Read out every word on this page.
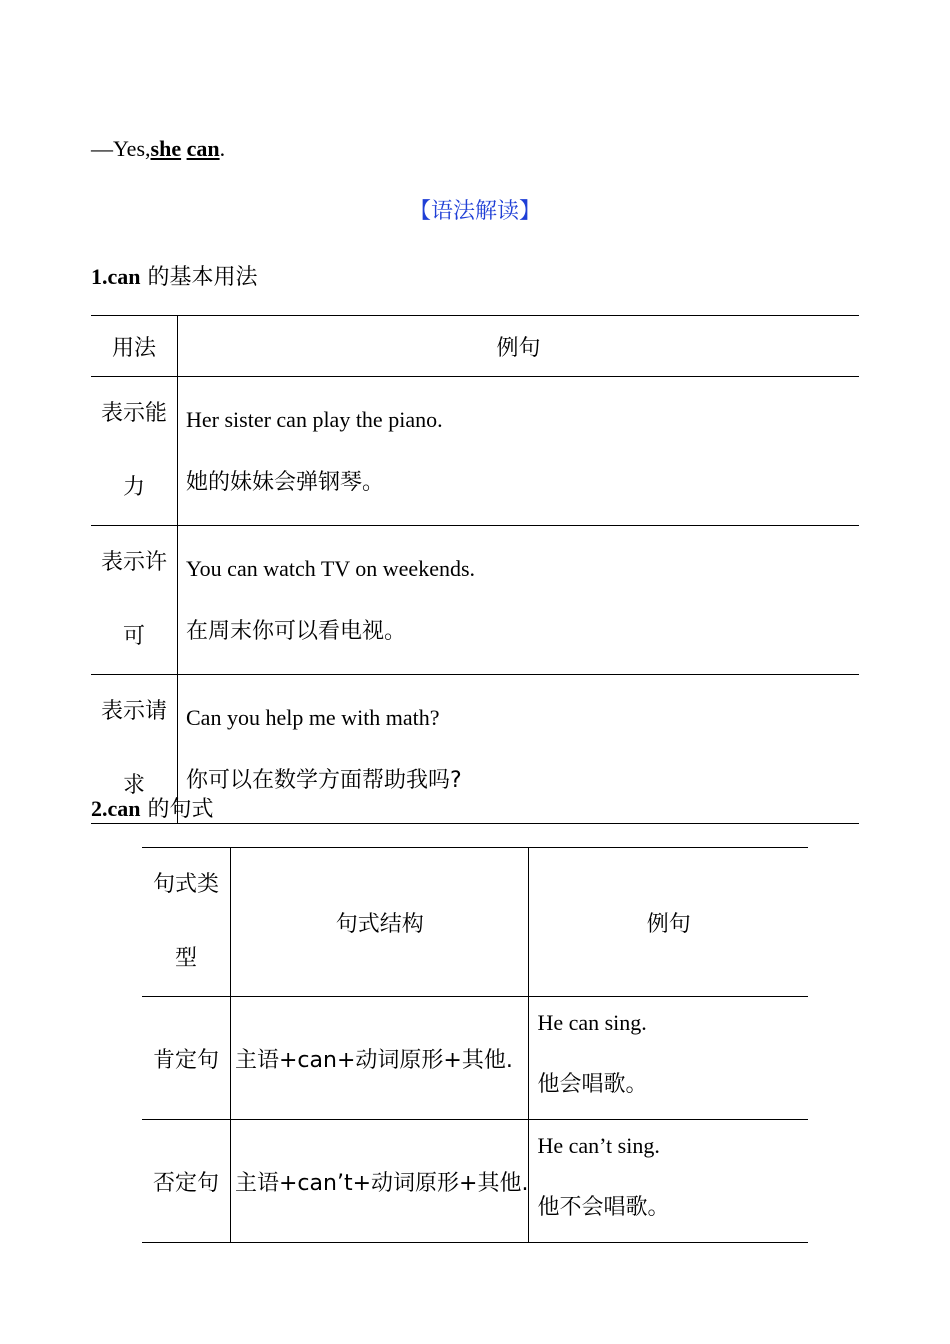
—Yes,she can.
【语法解读】
1.can 的基本用法
用法	例句

表示能
力	Her sister can play the piano.
她的妹妹会弹钢琴。

表示许
可	You can watch TV on weekends.
在周末你可以看电视。

表示请
求	Can you help me with math?
你可以在数学方面帮助我吗?
2.can 的句式
句式类
型	句式结构	例句
肯定句	主语+can+动词原形+其他.	He can sing.
他会唱歌。

否定句	主语+can’t+动词原形+其他.	He can’t sing.
他不会唱歌。
